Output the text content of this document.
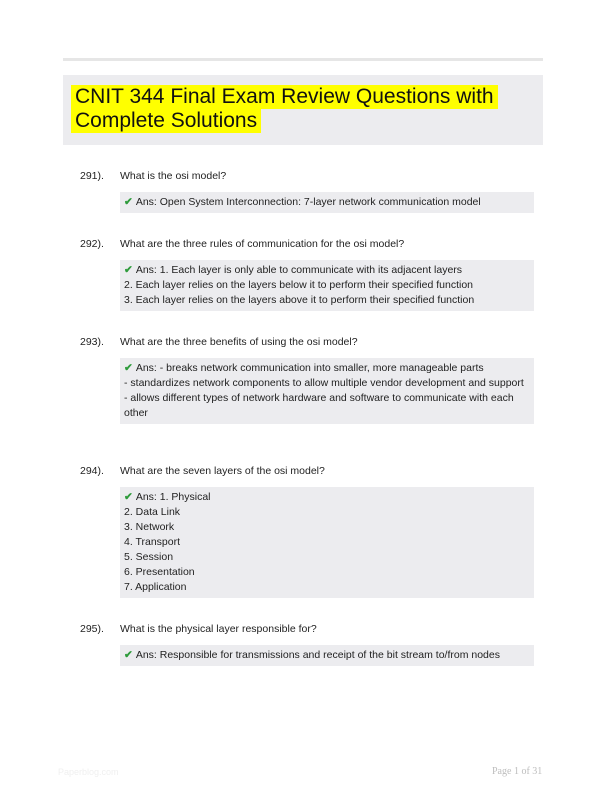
CNIT 344 Final Exam Review Questions with
Complete Solutions
291).	What is the osi model?
✔ Ans: Open System Interconnection: 7-layer network communication model
292).	What are the three rules of communication for the osi model?
✔ Ans: 1. Each layer is only able to communicate with its adjacent layers
2. Each layer relies on the layers below it to perform their specified function
3. Each layer relies on the layers above it to perform their specified function
293).	What are the three benefits of using the osi model?
✔ Ans: - breaks network communication into smaller, more manageable parts
- standardizes network components to allow multiple vendor development and support
- allows different types of network hardware and software to communicate with each other
294).	What are the seven layers of the osi model?
✔ Ans: 1. Physical
2. Data Link
3. Network
4. Transport
5. Session
6. Presentation
7. Application
295).	What is the physical layer responsible for?
✔ Ans: Responsible for transmissions and receipt of the bit stream to/from nodes
Paperblog.com	Page 1 of 31
